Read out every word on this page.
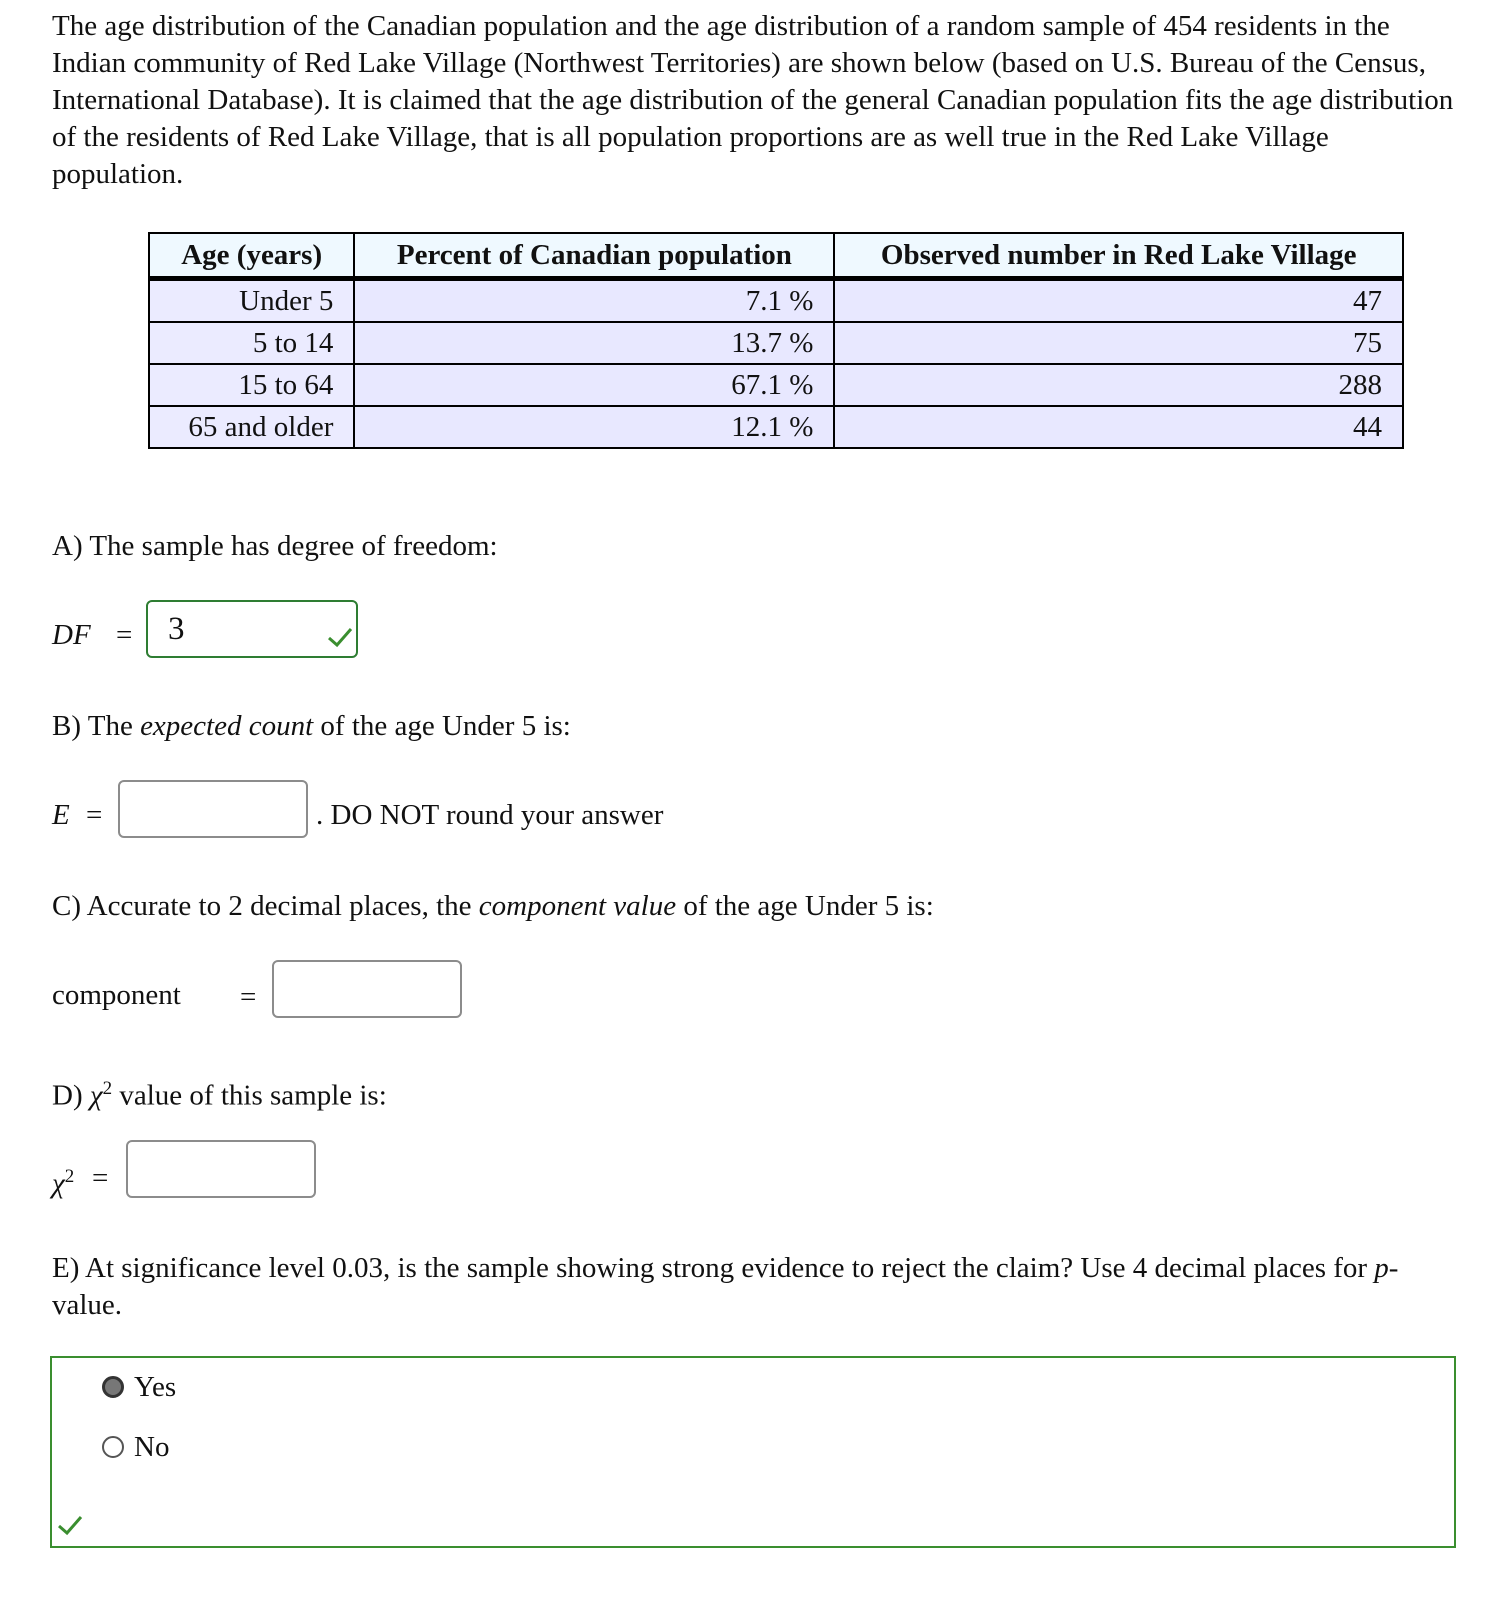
The age distribution of the Canadian population and the age distribution of a random sample of 454 residents in the Indian community of Red Lake Village (Northwest Territories) are shown below (based on U.S. Bureau of the Census, International Database). It is claimed that the age distribution of the general Canadian population fits the age distribution of the residents of Red Lake Village, that is all population proportions are as well true in the Red Lake Village population.

Age (years)	Percent of Canadian population	Observed number in Red Lake Village
Under 5	7.1 %	47
5 to 14	13.7 %	75
15 to 64	67.1 %	288
65 and older	12.1 %	44

A) The sample has degree of freedom:

DF =	3

B) The expected count of the age Under 5 is:

E =	. DO NOT round your answer

C) Accurate to 2 decimal places, the component value of the age Under 5 is:

component =

D) $\chi^2$ value of this sample is:

$\chi^2$ =

E) At significance level 0.03, is the sample showing strong evidence to reject the claim? Use 4 decimal places for p-value.

Yes
No
